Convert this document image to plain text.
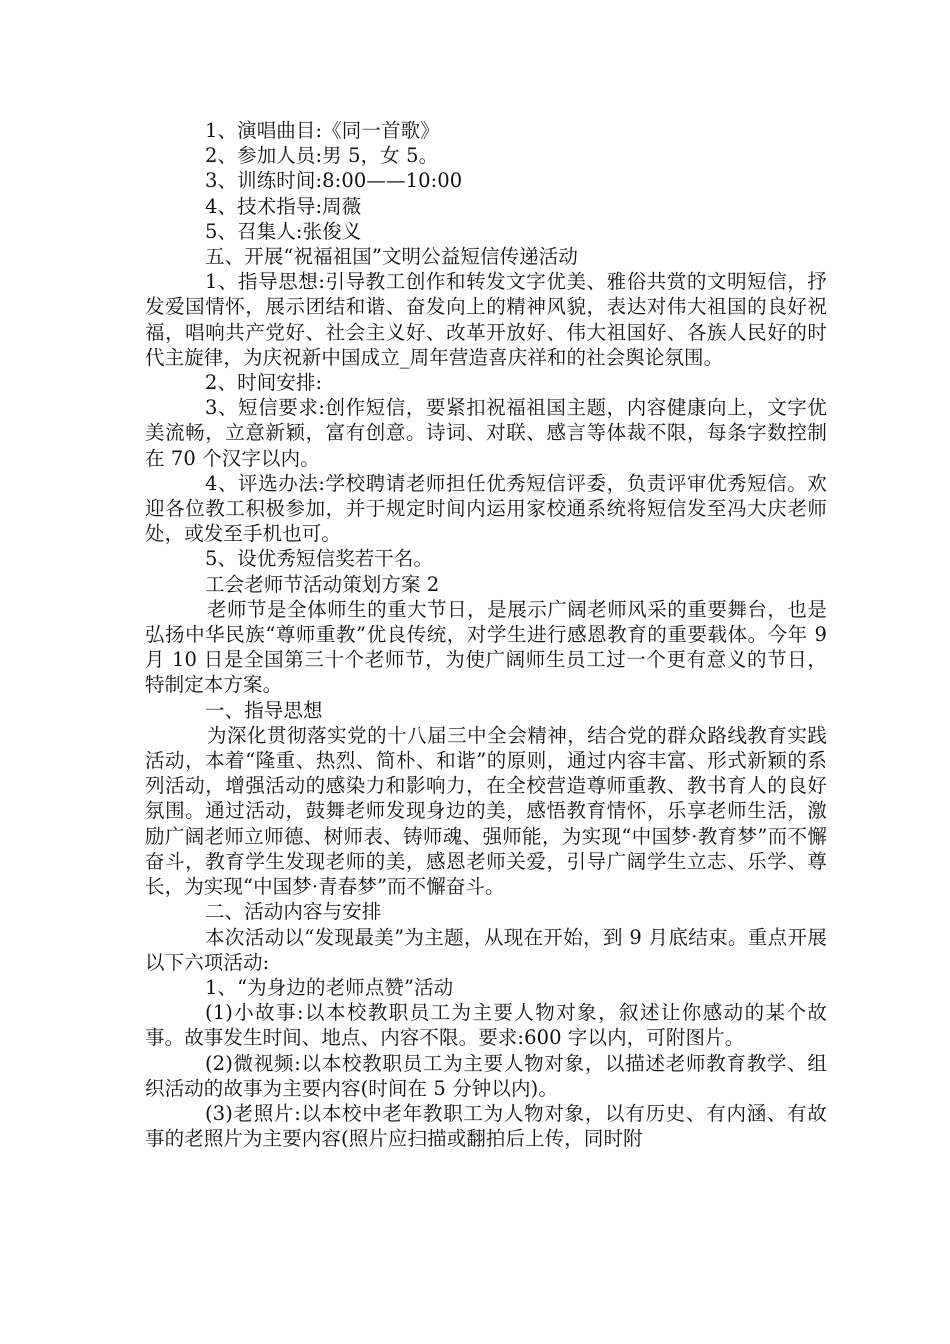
1、演唱曲目:《同一首歌》

2、参加人员:男 5，女 5。

3、训练时间:8:00——10:00

4、技术指导:周薇

5、召集人:张俊义

五、开展“祝福祖国”文明公益短信传递活动

1、指导思想:引导教工创作和转发文字优美、雅俗共赏的文明短信，抒发爱国情怀，展示团结和谐、奋发向上的精神风貌，表达对伟大祖国的良好祝福，唱响共产党好、社会主义好、改革开放好、伟大祖国好、各族人民好的时代主旋律，为庆祝新中国成立_周年营造喜庆祥和的社会舆论氛围。

2、时间安排:

3、短信要求:创作短信，要紧扣祝福祖国主题，内容健康向上，文字优美流畅，立意新颖，富有创意。诗词、对联、感言等体裁不限，每条字数控制在 70 个汉字以内。

4、评选办法:学校聘请老师担任优秀短信评委，负责评审优秀短信。欢迎各位教工积极参加，并于规定时间内运用家校通系统将短信发至冯大庆老师处，或发至手机也可。

5、设优秀短信奖若干名。

工会老师节活动策划方案 2

老师节是全体师生的重大节日，是展示广阔老师风采的重要舞台，也是弘扬中华民族“尊师重教”优良传统，对学生进行感恩教育的重要载体。今年 9 月 10 日是全国第三十个老师节，为使广阔师生员工过一个更有意义的节日，特制定本方案。

一、指导思想

为深化贯彻落实党的十八届三中全会精神，结合党的群众路线教育实践活动，本着“隆重、热烈、简朴、和谐”的原则，通过内容丰富、形式新颖的系列活动，增强活动的感染力和影响力，在全校营造尊师重教、教书育人的良好氛围。通过活动，鼓舞老师发现身边的美，感悟教育情怀，乐享老师生活，激励广阔老师立师德、树师表、铸师魂、强师能，为实现“中国梦·教育梦”而不懈奋斗，教育学生发现老师的美，感恩老师关爱，引导广阔学生立志、乐学、尊长，为实现“中国梦·青春梦”而不懈奋斗。

二、活动内容与安排

本次活动以“发现最美”为主题，从现在开始，到 9 月底结束。重点开展以下六项活动:

1、“为身边的老师点赞”活动

(1)小故事:以本校教职员工为主要人物对象，叙述让你感动的某个故事。故事发生时间、地点、内容不限。要求:600 字以内，可附图片。

(2)微视频:以本校教职员工为主要人物对象，以描述老师教育教学、组织活动的故事为主要内容(时间在 5 分钟以内)。

(3)老照片:以本校中老年教职工为人物对象，以有历史、有内涵、有故事的老照片为主要内容(照片应扫描或翻拍后上传，同时附
